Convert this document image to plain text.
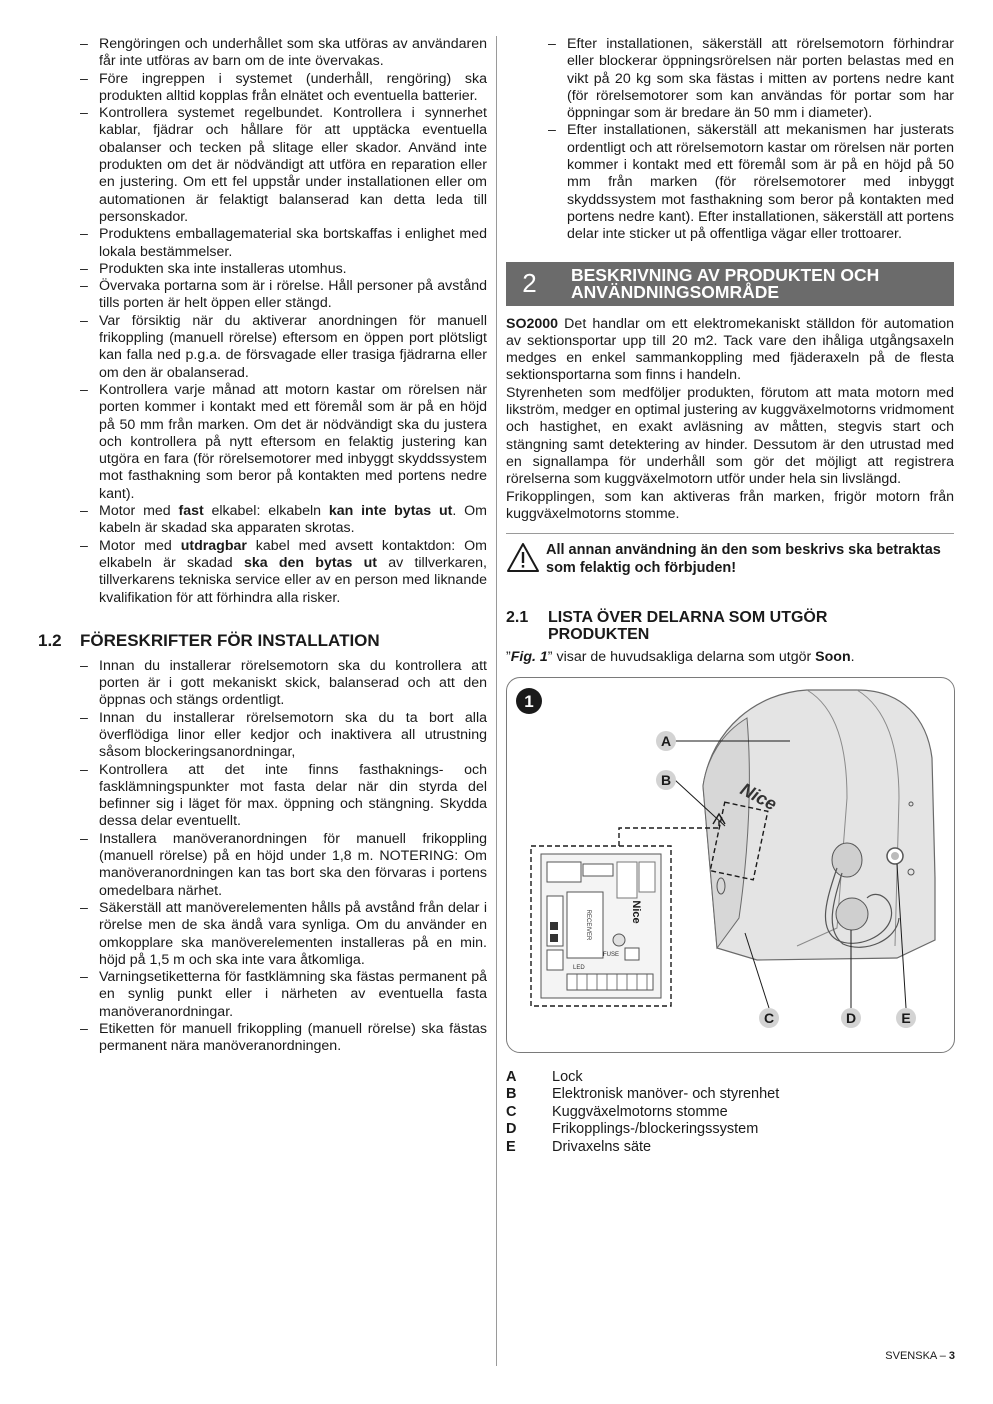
– Rengöringen och underhållet som ska utföras av användaren får inte utföras av barn om de inte övervakas.
– Före ingreppen i systemet (underhåll, rengöring) ska produkten alltid kopplas från elnätet och eventuella batterier.
– Kontrollera systemet regelbundet. Kontrollera i synnerhet kablar, fjädrar och hållare för att upptäcka eventuella obalanser och tecken på slitage eller skador. Använd inte produkten om det är nödvändigt att utföra en reparation eller en justering. Om ett fel uppstår under installationen eller om automationen är felaktigt balanserad kan detta leda till personskador.
– Produktens emballagematerial ska bortskaffas i enlighet med lokala bestämmelser.
– Produkten ska inte installeras utomhus.
– Övervaka portarna som är i rörelse. Håll personer på avstånd tills porten är helt öppen eller stängd.
– Var försiktig när du aktiverar anordningen för manuell frikoppling (manuell rörelse) eftersom en öppen port plötsligt kan falla ned p.g.a. de försvagade eller trasiga fjädrarna eller om den är obalanserad.
– Kontrollera varje månad att motorn kastar om rörelsen när porten kommer i kontakt med ett föremål som är på en höjd på 50 mm från marken. Om det är nödvändigt ska du justera och kontrollera på nytt eftersom en felaktig justering kan utgöra en fara (för rörelsemotorer med inbyggt skyddssystem mot fasthakning som beror på kontakten med portens nedre kant).
– Motor med fast elkabel: elkabeln kan inte bytas ut. Om kabeln är skadad ska apparaten skrotas.
– Motor med utdragbar kabel med avsett kontaktdon: Om elkabeln är skadad ska den bytas ut av tillverkaren, tillverkarens tekniska service eller av en person med liknande kvalifikation för att förhindra alla risker.
1.2	FÖRESKRIFTER FÖR INSTALLATION
– Innan du installerar rörelsemotorn ska du kontrollera att porten är i gott mekaniskt skick, balanserad och att den öppnas och stängs ordentligt.
– Innan du installerar rörelsemotorn ska du ta bort alla överflödiga linor eller kedjor och inaktivera all utrustning såsom blockeringsanordningar,
– Kontrollera att det inte finns fasthaknings- och fasklämningspunkter mot fasta delar när din styrda del befinner sig i läget för max. öppning och stängning. Skydda dessa delar eventuellt.
– Installera manöveranordningen för manuell frikoppling (manuell rörelse) på en höjd under 1,8 m. NOTERING: Om manöveranordningen kan tas bort ska den förvaras i portens omedelbara närhet.
– Säkerställ att manöverelementen hålls på avstånd från delar i rörelse men de ska ändå vara synliga. Om du använder en omkopplare ska manöverelementen installeras på en min. höjd på 1,5 m och ska inte vara åtkomliga.
– Varningsetiketterna för fastklämning ska fästas permanent på en synlig punkt eller i närheten av eventuella fasta manöveranordningar.
– Etiketten för manuell frikoppling (manuell rörelse) ska fästas permanent nära manöveranordningen.
– Efter installationen, säkerställ att rörelsemotorn förhindrar eller blockerar öppningsrörelsen när porten belastas med en vikt på 20 kg som ska fästas i mitten av portens nedre kant (för rörelsemotorer som kan användas för portar som har öppningar som är bredare än 50 mm i diameter).
– Efter installationen, säkerställ att mekanismen har justerats ordentligt och att rörelsemotorn kastar om rörelsen när porten kommer i kontakt med ett föremål som är på en höjd på 50 mm från marken (för rörelsemotorer med inbyggt skyddssystem mot fasthakning som beror på kontakten med portens nedre kant). Efter installationen, säkerställ att portens delar inte sticker ut på offentliga vägar eller trottoarer.
2	BESKRIVNING AV PRODUKTEN OCH
ANVÄNDNINGSOMRÅDE

SO2000 Det handlar om ett elektromekaniskt ställdon för automation av sektionsportar upp till 20 m2. Tack vare den ihåliga utgångsaxeln medges en enkel sammankoppling med fjäderaxeln på de flesta sektionsportarna som finns i handeln.

Styrenheten som medföljer produkten, förutom att mata motorn med likström, medger en optimal justering av kuggväxelmotorns vridmoment och hastighet, en exakt avläsning av måtten, stegvis start och stängning samt detektering av hinder. Dessutom är den utrustad med en signallampa för underhåll som gör det möjligt att registrera rörelserna som kuggväxelmotorn utför under hela sin livslängd.

Frikopplingen, som kan aktiveras från marken, frigör motorn från kuggväxelmotorns stomme.

All annan användning än den som beskrivs ska betraktas som felaktig och förbjuden!
2.1	LISTA ÖVER DELARNA SOM UTGÖR
PRODUKTEN

”Fig. 1” visar de huvudsakliga delarna som utgör Soon.

1
Nice
RECEIVER	Nice
FUSE
LED
A
B
C	D	E
A	Lock
B	Elektronisk manöver- och styrenhet
C	Kuggväxelmotorns stomme
D	Frikopplings-/blockeringssystem
E	Drivaxelns säte
SVENSKA – 3
